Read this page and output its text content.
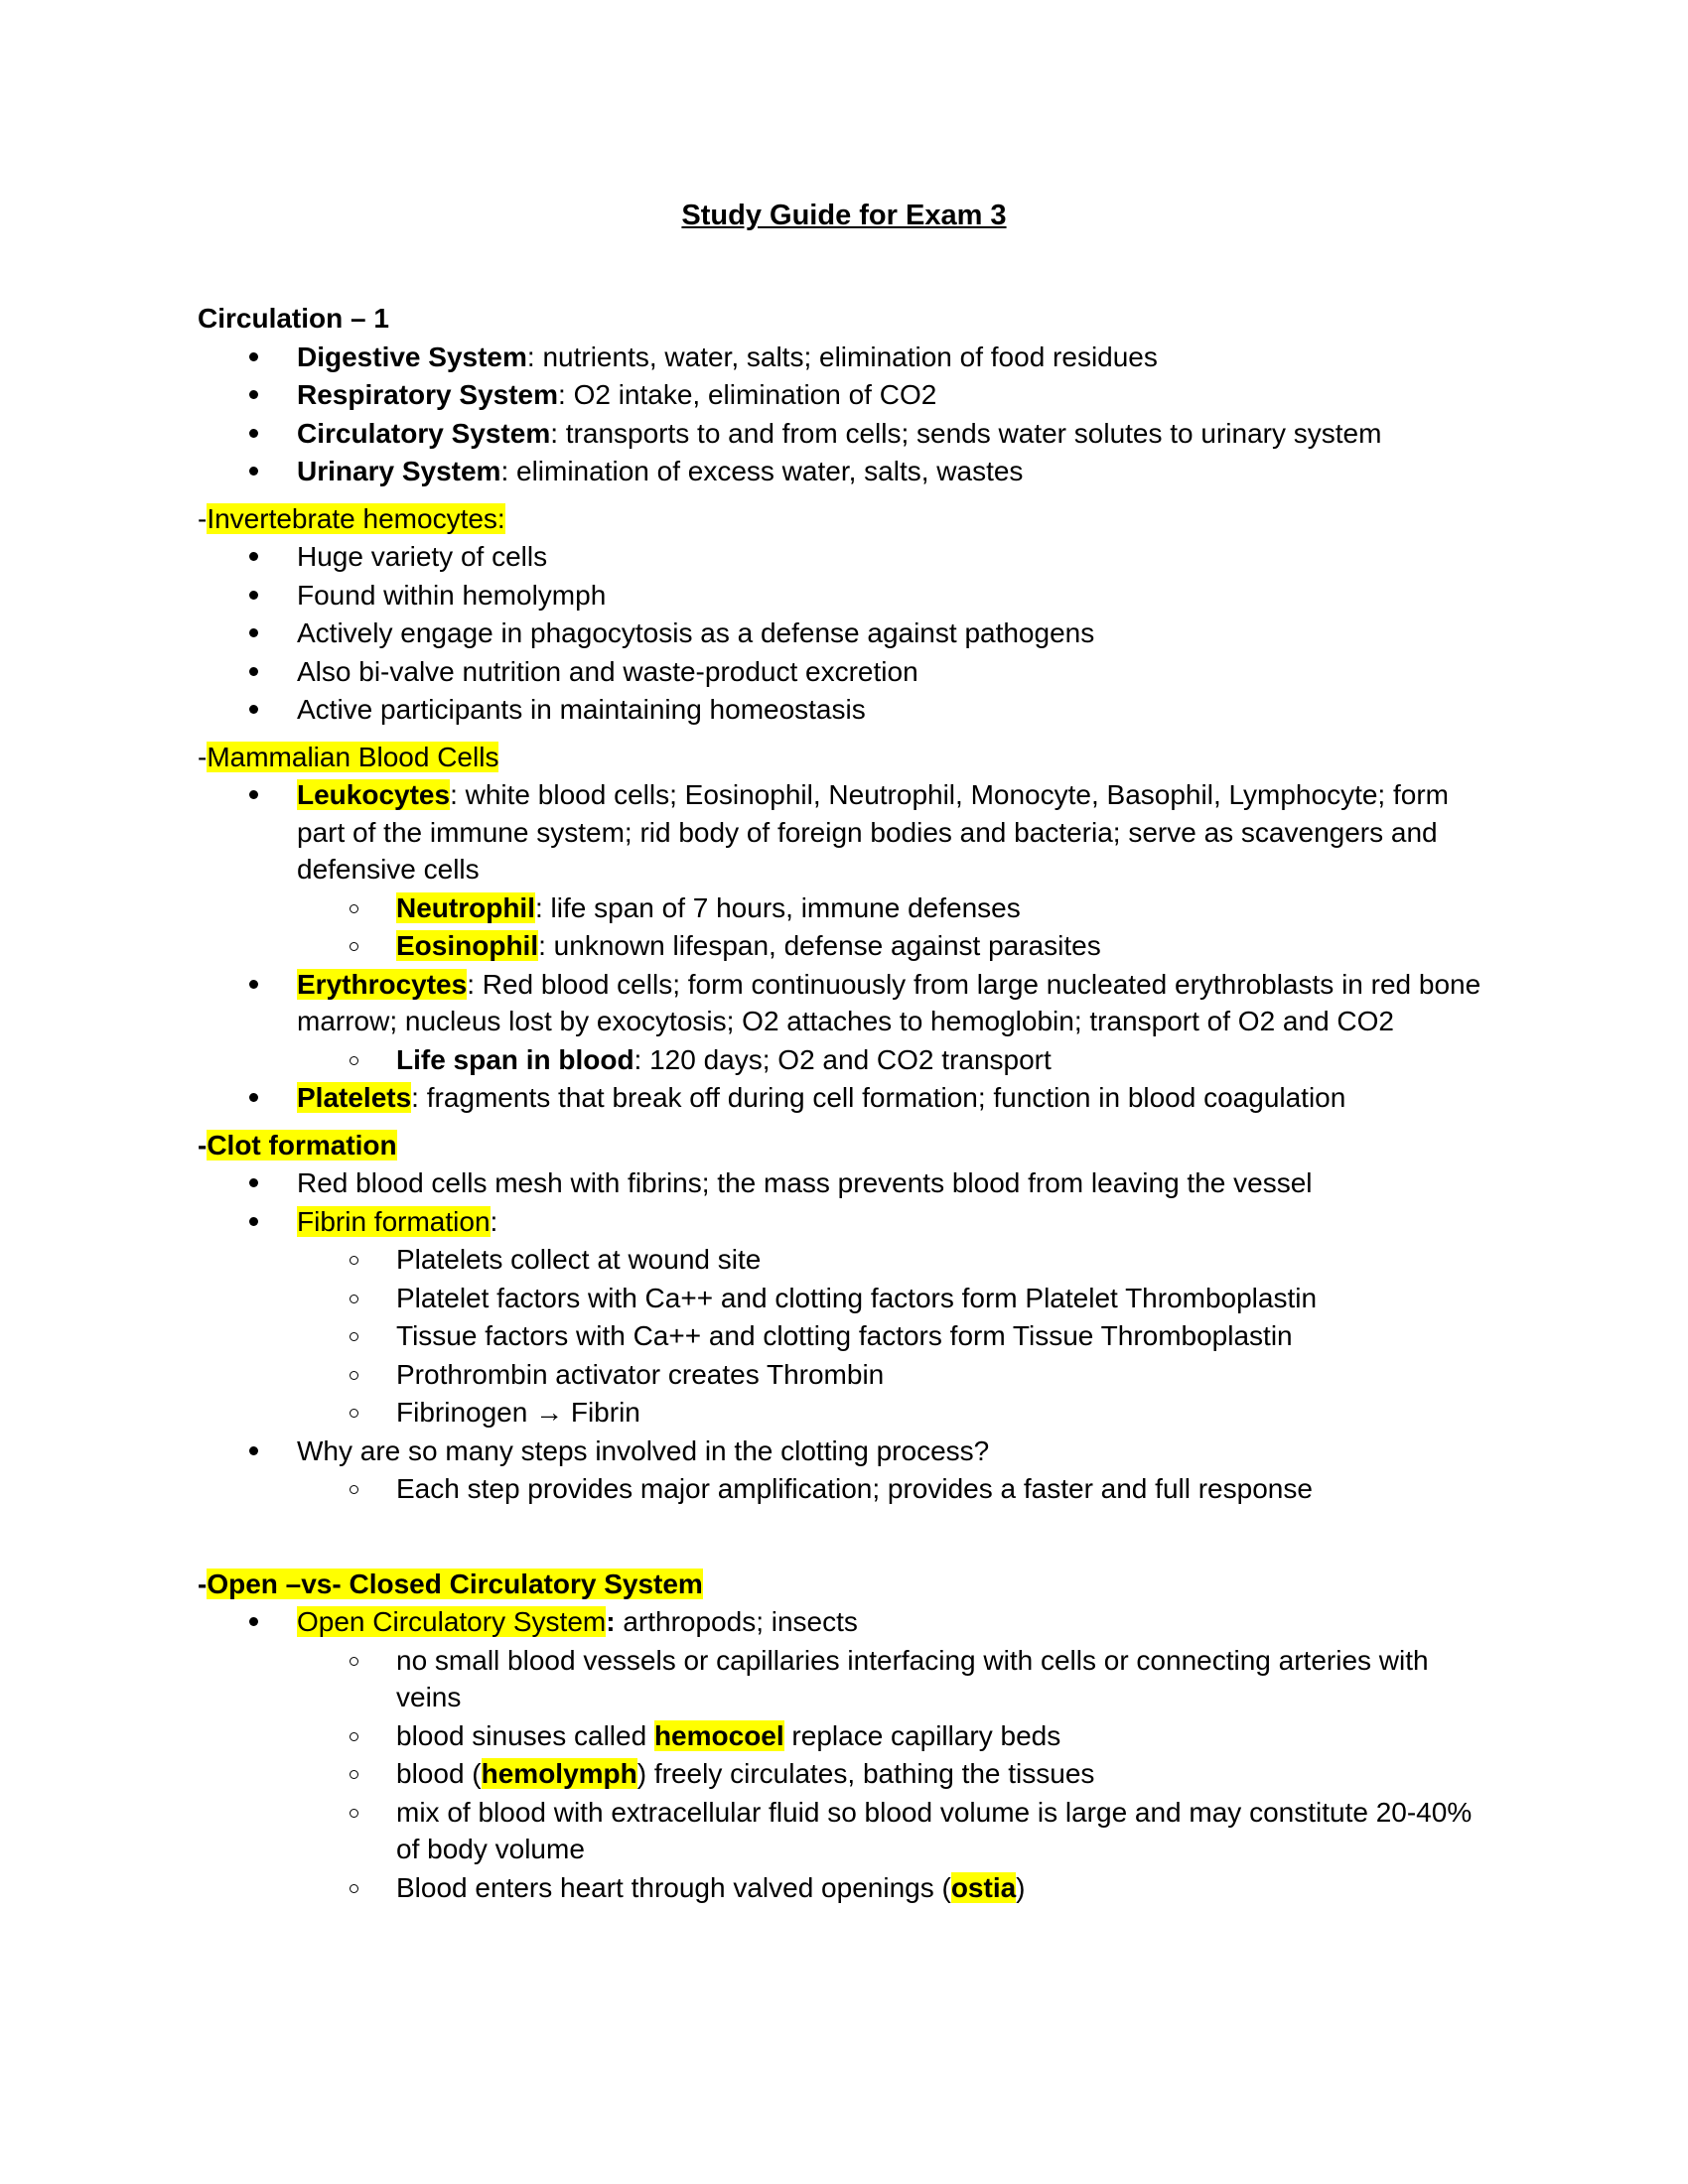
Study Guide for Exam 3

Circulation – 1

Digestive System: nutrients, water, salts; elimination of food residues
Respiratory System: O2 intake, elimination of CO2
Circulatory System: transports to and from cells; sends water solutes to urinary system
Urinary System: elimination of excess water, salts, wastes

-Invertebrate hemocytes:

Huge variety of cells
Found within hemolymph
Actively engage in phagocytosis as a defense against pathogens
Also bi-valve nutrition and waste-product excretion
Active participants in maintaining homeostasis

-Mammalian Blood Cells

Leukocytes: white blood cells; Eosinophil, Neutrophil, Monocyte, Basophil, Lymphocyte; form part of the immune system; rid body of foreign bodies and bacteria; serve as scavengers and defensive cells
Neutrophil: life span of 7 hours, immune defenses
Eosinophil: unknown lifespan, defense against parasites
Erythrocytes: Red blood cells; form continuously from large nucleated erythroblasts in red bone marrow; nucleus lost by exocytosis; O2 attaches to hemoglobin; transport of O2 and CO2
Life span in blood: 120 days; O2 and CO2 transport
Platelets: fragments that break off during cell formation; function in blood coagulation

-Clot formation

Red blood cells mesh with fibrins; the mass prevents blood from leaving the vessel
Fibrin formation:
Platelets collect at wound site
Platelet factors with Ca++ and clotting factors form Platelet Thromboplastin
Tissue factors with Ca++ and clotting factors form Tissue Thromboplastin
Prothrombin activator creates Thrombin
Fibrinogen → Fibrin
Why are so many steps involved in the clotting process?
Each step provides major amplification; provides a faster and full response

-Open –vs- Closed Circulatory System

Open Circulatory System: arthropods; insects
no small blood vessels or capillaries interfacing with cells or connecting arteries with veins
blood sinuses called hemocoel replace capillary beds
blood (hemolymph) freely circulates, bathing the tissues
mix of blood with extracellular fluid so blood volume is large and may constitute 20-40% of body volume
Blood enters heart through valved openings (ostia)
